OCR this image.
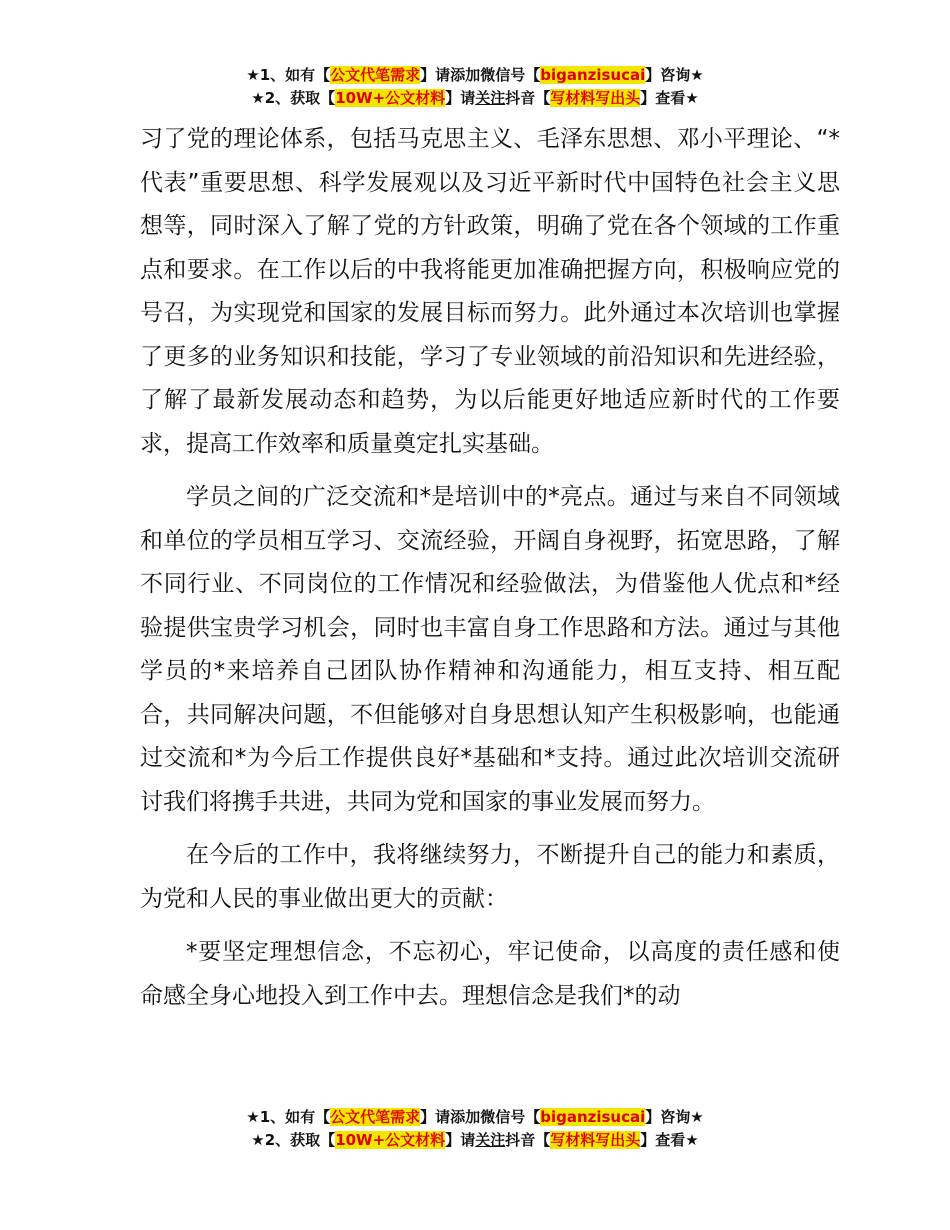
★1、如有【公文代笔需求】请添加微信号【biganzisucai】咨询★
★2、获取【10W+公文材料】请关注抖音【写材料写出头】查看★

习了党的理论体系，包括马克思主义、毛泽东思想、邓小平理论、“*代表”重要思想、科学发展观以及习近平新时代中国特色社会主义思想等，同时深入了解了党的方针政策，明确了党在各个领域的工作重点和要求。在工作以后的中我将能更加准确把握方向，积极响应党的号召，为实现党和国家的发展目标而努力。此外通过本次培训也掌握了更多的业务知识和技能，学习了专业领域的前沿知识和先进经验，了解了最新发展动态和趋势，为以后能更好地适应新时代的工作要求，提高工作效率和质量奠定扎实基础。

学员之间的广泛交流和*是培训中的*亮点。通过与来自不同领域和单位的学员相互学习、交流经验，开阔自身视野，拓宽思路，了解不同行业、不同岗位的工作情况和经验做法，为借鉴他人优点和*经验提供宝贵学习机会，同时也丰富自身工作思路和方法。通过与其他学员的*来培养自己团队协作精神和沟通能力，相互支持、相互配合，共同解决问题，不但能够对自身思想认知产生积极影响，也能通过交流和*为今后工作提供良好*基础和*支持。通过此次培训交流研讨我们将携手共进，共同为党和国家的事业发展而努力。

在今后的工作中，我将继续努力，不断提升自己的能力和素质，为党和人民的事业做出更大的贡献：

*要坚定理想信念，不忘初心，牢记使命，以高度的责任感和使命感全身心地投入到工作中去。理想信念是我们*的动

★1、如有【公文代笔需求】请添加微信号【biganzisucai】咨询★
★2、获取【10W+公文材料】请关注抖音【写材料写出头】查看★
